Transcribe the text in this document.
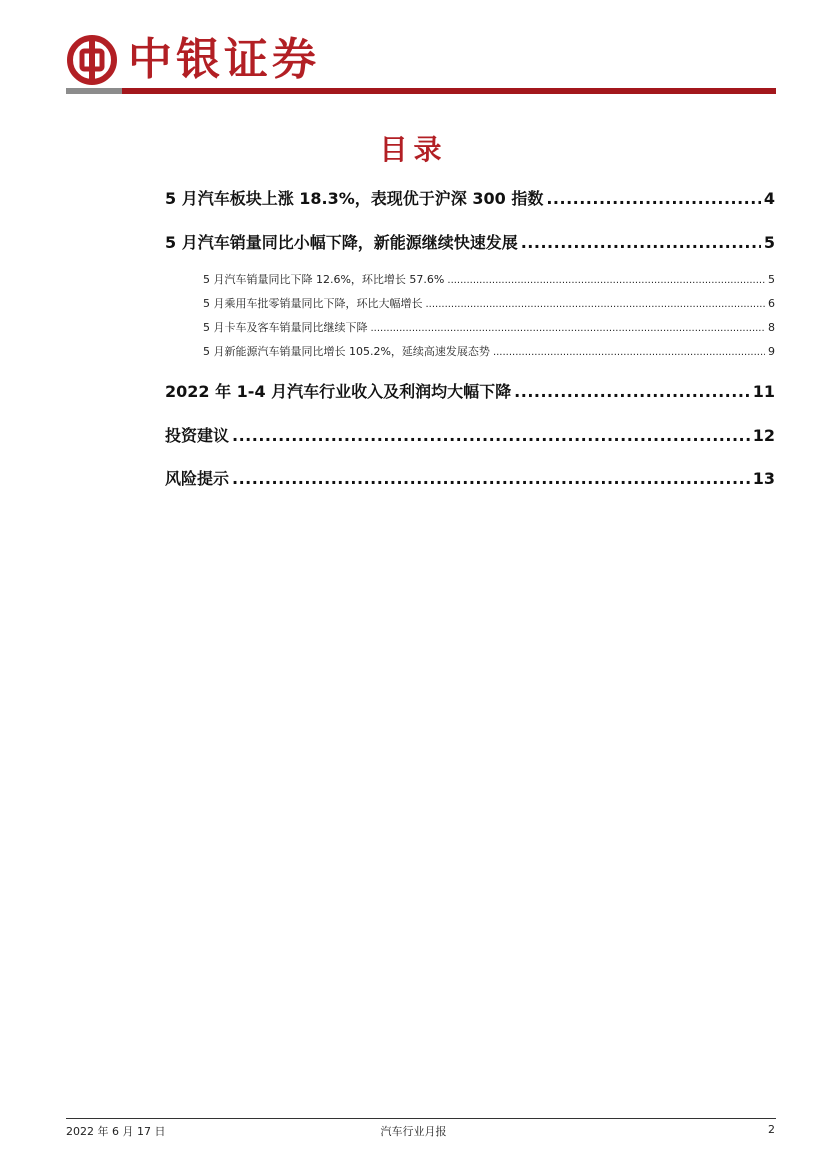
中银证券
目录
5 月汽车板块上涨 18.3%，表现优于沪深 300 指数 .....	4
5 月汽车销量同比小幅下降，新能源继续快速发展 .....	5
5 月汽车销量同比下降 12.6%，环比增长 57.6% .....	5
5 月乘用车批零销量同比下降，环比大幅增长 .....	6
5 月卡车及客车销量同比继续下降 .....	8
5 月新能源汽车销量同比增长 105.2%，延续高速发展态势 .....	9
2022 年 1-4 月汽车行业收入及利润均大幅下降 .....	11
投资建议 .....	12
风险提示 .....	13
2022 年 6 月 17 日	汽车行业月报	2
